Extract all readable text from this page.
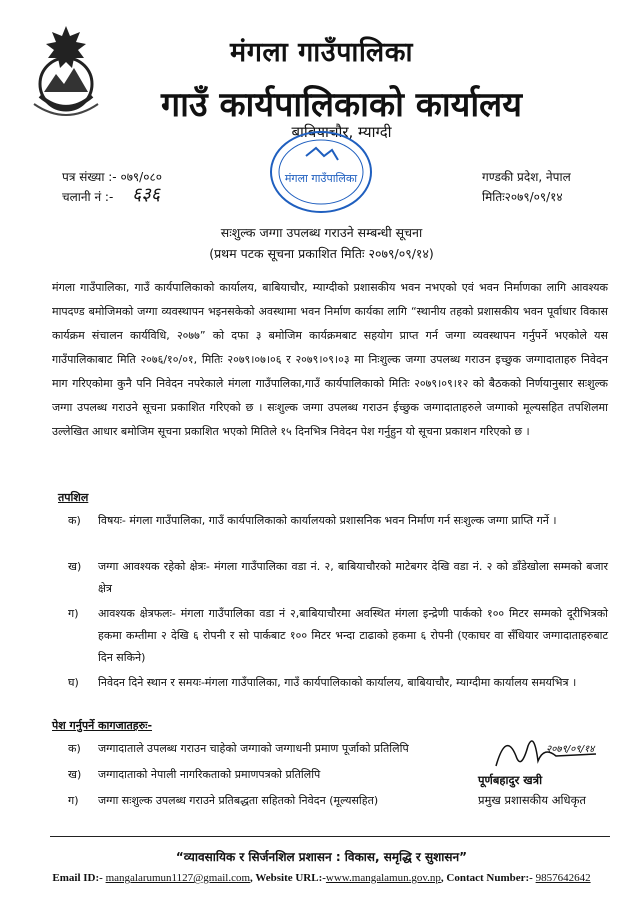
मंगला गाउँपालिका
गाउँ कार्यपालिकाको कार्यालय
बाबियाचौर, म्याग्दी
मंगला गाउँपालिका
पत्र संख्या :- ०७९/०८०
चलानी नं :- ६३६
गण्डकी प्रदेश, नेपाल
मितिः२०७९/०९/१४
सःशुल्क जग्गा उपलब्ध गराउने सम्बन्धी सूचना
(प्रथम पटक सूचना प्रकाशित मितिः २०७९/०९/१४)
मंगला गाउँपालिका, गाउँ कार्यपालिकाको कार्यालय, बाबियाचौर, म्याग्दीको प्रशासकीय भवन नभएको एवं भवन निर्माणका लागि आवश्यक मापदण्ड बमोजिमको जग्गा व्यवस्थापन भइनसकेको अवस्थामा भवन निर्माण कार्यका लागि “स्थानीय तहको प्रशासकीय भवन पूर्वाधार विकास कार्यक्रम संचालन कार्यविधि, २०७७” को दफा ३ बमोजिम कार्यक्रमबाट सहयोग प्राप्त गर्न जग्गा व्यवस्थापन गर्नुपर्ने भएकोले यस गाउँपालिकाबाट मिति २०७६/१०/०१, मितिः २०७९।०७।०६ र २०७९।०९।०३ मा निःशुल्क जग्गा उपलब्ध गराउन इच्छुक जग्गादाताहरु निवेदन माग गरिएकोमा कुनै पनि निवेदन नपरेकाले मंगला गाउँपालिका,गाउँ कार्यपालिकाको मितिः २०७९।०९।१२ को बैठकको निर्णयानुसार सःशुल्क जग्गा उपलब्ध गराउने सूचना प्रकाशित गरिएको छ । सःशुल्क जग्गा उपलब्ध गराउन ईच्छुक जग्गादाताहरुले जग्गाको मूल्यसहित तपशिलमा उल्लेखित आधार बमोजिम सूचना प्रकाशित भएको मितिले १५ दिनभित्र निवेदन पेश गर्नुहुन यो सूचना प्रकाशन गरिएको छ ।
तपशिल
क)	विषयः- मंगला गाउँपालिका, गाउँ कार्यपालिकाको कार्यालयको प्रशासनिक भवन निर्माण गर्न सःशुल्क जग्गा प्राप्ति गर्ने ।
ख)	जग्गा आवश्यक रहेको क्षेत्रः- मंगला गाउँपालिका वडा नं. २, बाबियाचौरको माटेबगर देखि वडा नं. २ को डाँडेखोला सम्मको बजार क्षेत्र
ग)	आवश्यक क्षेत्रफलः- मंगला गाउँपालिका वडा नं २,बाबियाचौरमा अवस्थित मंगला इन्द्रेणी पार्कको १०० मिटर सम्मको दूरीभित्रको हकमा कम्तीमा २ देखि ६ रोपनी र सो पार्कबाट १०० मिटर भन्दा टाढाको हकमा ६ रोपनी (एकाघर वा सँधियार जग्गादाताहरुबाट दिन सकिने)
घ)	निवेदन दिने स्थान र समयः-मंगला गाउँपालिका, गाउँ कार्यपालिकाको कार्यालय, बाबियाचौर, म्याग्दीमा कार्यालय समयभित्र ।
पेश गर्नुपर्ने कागजातहरुः-
क)	जग्गादाताले उपलब्ध गराउन चाहेको जग्गाको जग्गाधनी प्रमाण पूर्जाको प्रतिलिपि
ख)	जग्गादाताको नेपाली नागरिकताको प्रमाणपत्रको प्रतिलिपि
ग)	जग्गा सःशुल्क उपलब्ध गराउने प्रतिबद्धता सहितको निवेदन (मूल्यसहित)
२०७९/०९/१४
पूर्णबहादुर खत्री
प्रमुख प्रशासकीय अधिकृत
“व्यावसायिक र सिर्जनशिल प्रशासन : विकास, समृद्धि र सुशासन”
Email ID:- mangalarumun1127@gmail.com, Website URL:-www.mangalamun.gov.np, Contact Number:- 9857642642
